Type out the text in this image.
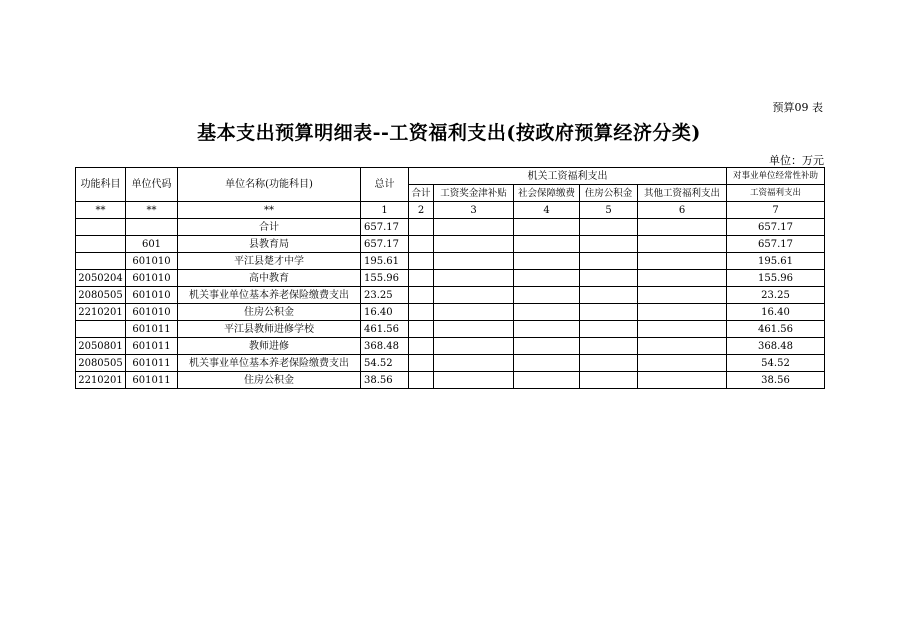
预算09 表
基本支出预算明细表--工资福利支出(按政府预算经济分类)
单位：万元
功能科目	单位代码	单位名称(功能科目)	总计	机关工资福利支出					对事业单位经常性补助
				合计	工资奖金津补贴	社会保障缴费	住房公积金	其他工资福利支出	工资福利支出
**	**	**	1	2	3	4	5	6	7
		合计	657.17						657.17
	601	县教育局	657.17						657.17
	601010	平江县楚才中学	195.61						195.61
2050204	601010	高中教育	155.96						155.96
2080505	601010	机关事业单位基本养老保险缴费支出	23.25						23.25
2210201	601010	住房公积金	16.40						16.40
	601011	平江县教师进修学校	461.56						461.56
2050801	601011	教师进修	368.48						368.48
2080505	601011	机关事业单位基本养老保险缴费支出	54.52						54.52
2210201	601011	住房公积金	38.56						38.56
